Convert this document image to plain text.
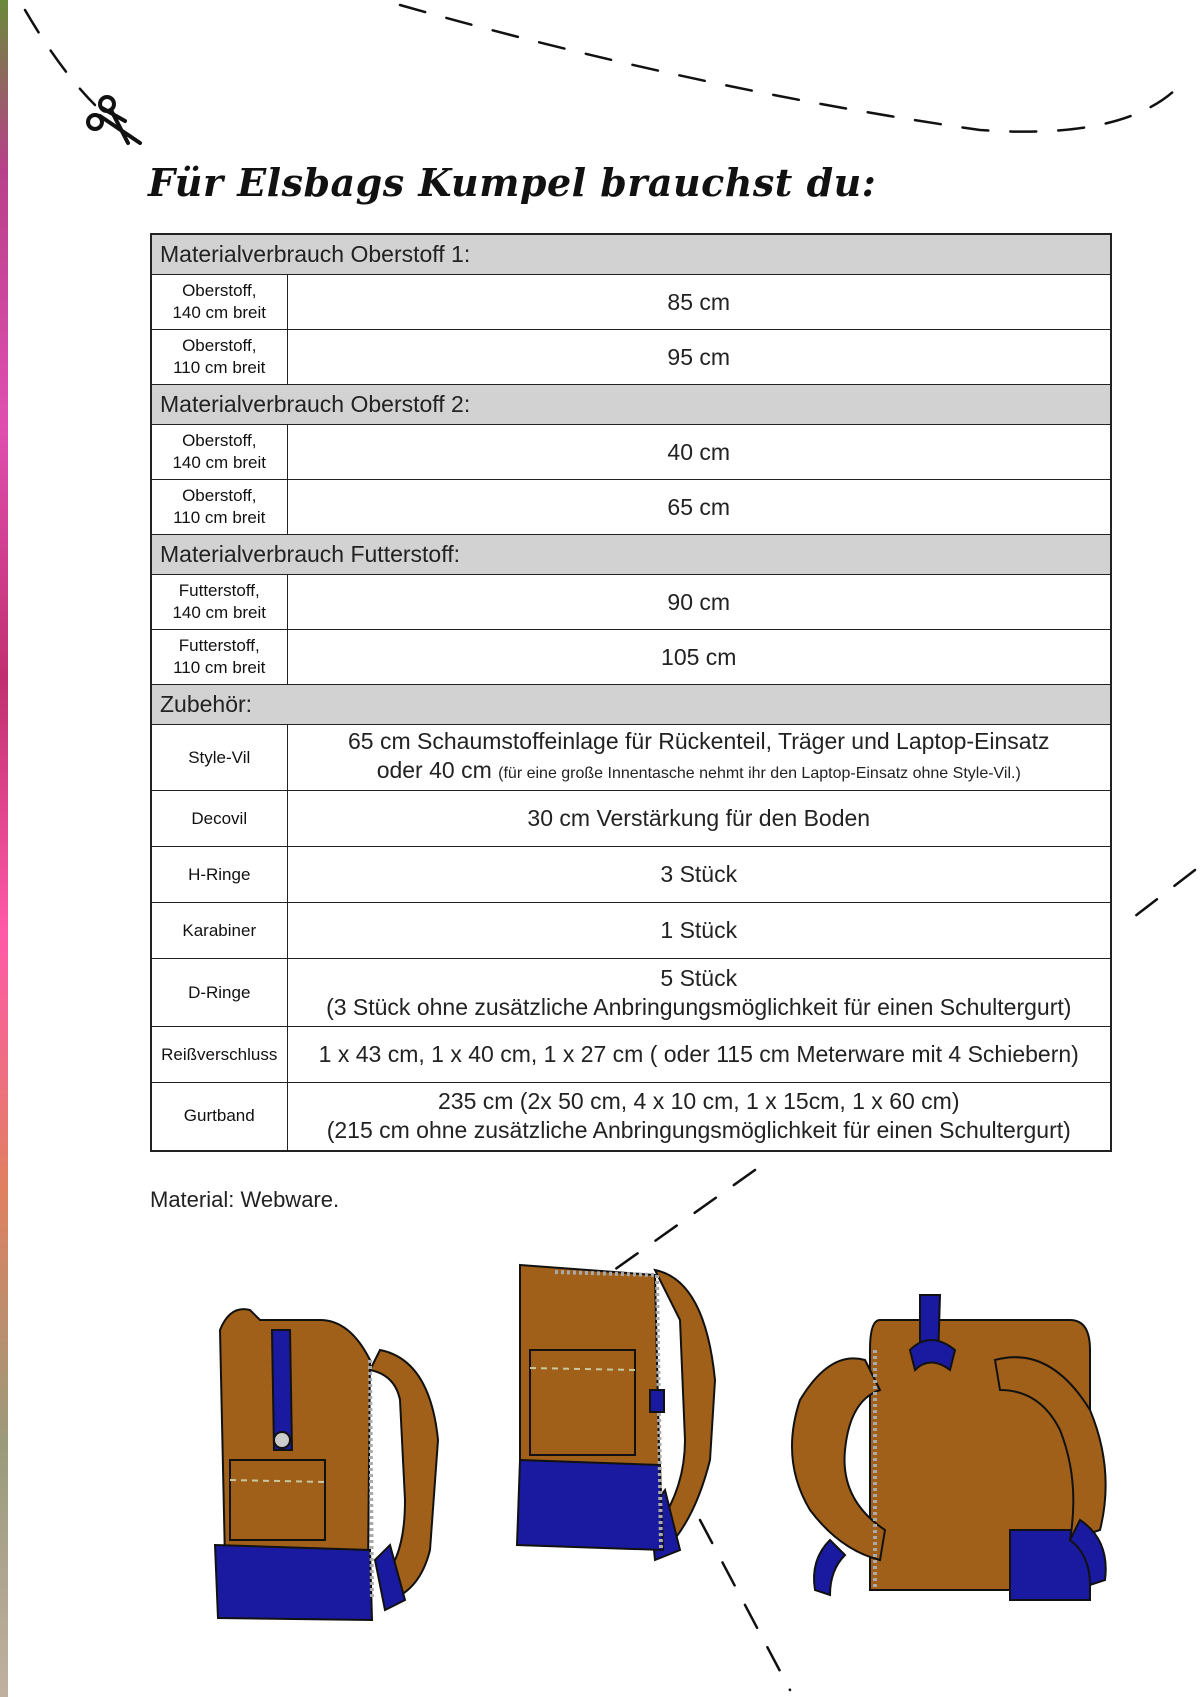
Für Elsbags Kumpel brauchst du:
Materialverbrauch Oberstoff 1:	
Oberstoff,
140 cm breit	85 cm
Oberstoff,
110 cm breit	95 cm
Materialverbrauch Oberstoff 2:	
Oberstoff,
140 cm breit	40 cm
Oberstoff,
110 cm breit	65 cm
Materialverbrauch Futterstoff:	
Futterstoff,
140 cm breit	90 cm
Futterstoff,
110 cm breit	105 cm
Zubehör:	
Style-Vil	65 cm Schaumstoffeinlage für Rückenteil, Träger und Laptop-Einsatz
oder 40 cm (für eine große Innentasche nehmt ihr den Laptop-Einsatz ohne Style-Vil.)
Decovil	30 cm Verstärkung für den Boden
H-Ringe	3 Stück
Karabiner	1 Stück
D-Ringe	5 Stück
(3 Stück ohne zusätzliche Anbringungsmöglichkeit für einen Schultergurt)
Reißverschluss	1 x 43 cm, 1 x 40 cm, 1 x 27 cm ( oder 115 cm Meterware mit 4 Schiebern)
Gurtband	235 cm (2x 50 cm, 4 x 10 cm, 1 x 15cm, 1 x 60 cm)
(215 cm ohne zusätzliche Anbringungsmöglichkeit für einen Schultergurt)

Material: Webware.
